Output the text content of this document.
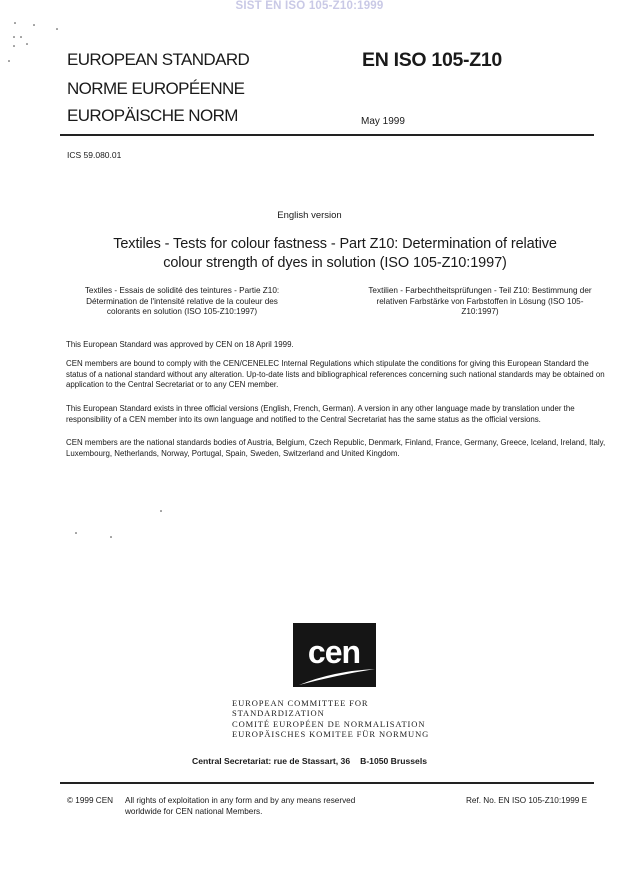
SIST EN ISO 105-Z10:1999
EUROPEAN STANDARD
NORME EUROPÉENNE
EUROPÄISCHE NORM
EN ISO 105-Z10
May 1999
ICS 59.080.01
English version
Textiles - Tests for colour fastness - Part Z10: Determination of relative colour strength of dyes in solution (ISO 105-Z10:1997)
Textiles - Essais de solidité des teintures - Partie Z10: Détermination de l'intensité relative de la couleur des colorants en solution (ISO 105-Z10:1997)
Textilien - Farbechtheitsprüfungen - Teil Z10: Bestimmung der relativen Farbstärke von Farbstoffen in Lösung (ISO 105-Z10:1997)
This European Standard was approved by CEN on 18 April 1999.
CEN members are bound to comply with the CEN/CENELEC Internal Regulations which stipulate the conditions for giving this European Standard the status of a national standard without any alteration. Up-to-date lists and bibliographical references concerning such national standards may be obtained on application to the Central Secretariat or to any CEN member.
This European Standard exists in three official versions (English, French, German). A version in any other language made by translation under the responsibility of a CEN member into its own language and notified to the Central Secretariat has the same status as the official versions.
CEN members are the national standards bodies of Austria, Belgium, Czech Republic, Denmark, Finland, France, Germany, Greece, Iceland, Ireland, Italy, Luxembourg, Netherlands, Norway, Portugal, Spain, Sweden, Switzerland and United Kingdom.
cen
EUROPEAN COMMITTEE FOR STANDARDIZATION
COMITÉ EUROPÉEN DE NORMALISATION
EUROPÄISCHES KOMITEE FÜR NORMUNG
Central Secretariat: rue de Stassart, 36 B-1050 Brussels
© 1999 CEN All rights of exploitation in any form and by any means reserved worldwide for CEN national Members.
Ref. No. EN ISO 105-Z10:1999 E
